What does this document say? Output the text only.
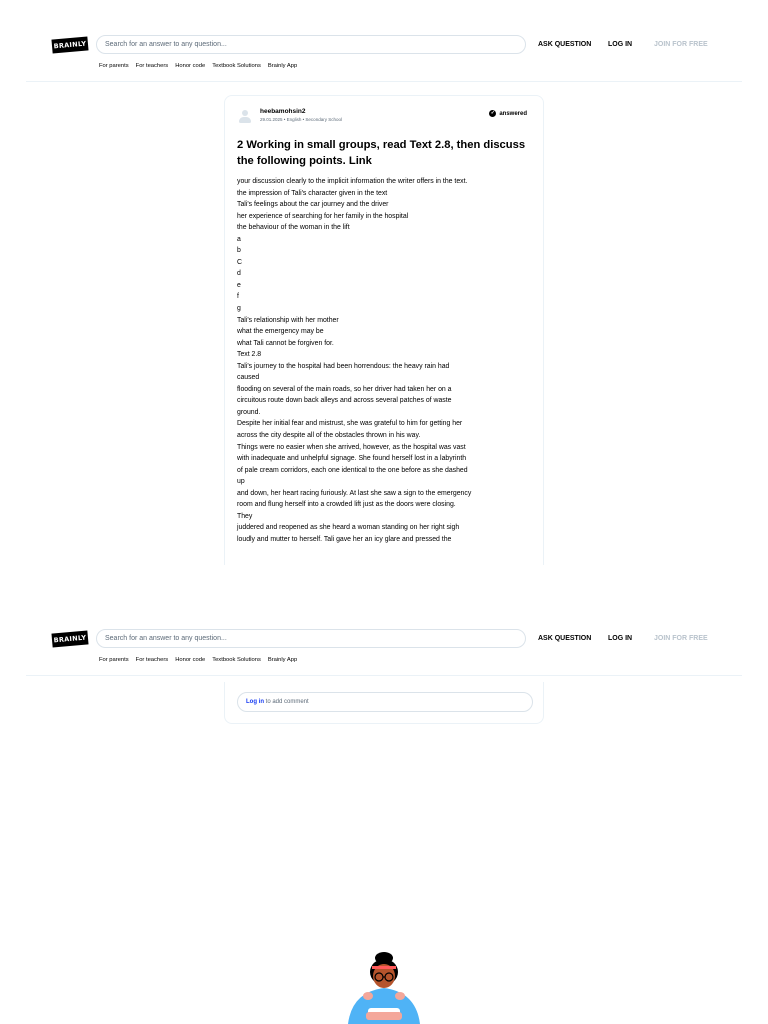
BRAINLY	Search for an answer to any question...	ASK QUESTION LOG IN	JOIN FOR FREE
For parents For teachers Honor code Textbook Solutions Brainly App
heebamohsin2
29.01.2025 • English • Secondary School
✓ answered
2 Working in small groups, read Text 2.8, then discuss the following points. Link
your discussion clearly to the implicit information the writer offers in the text.
the impression of Tali's character given in the text
Tali's feelings about the car journey and the driver
her experience of searching for her family in the hospital
the behaviour of the woman in the lift
a
b
C
d
e
f
g
Tali's relationship with her mother
what the emergency may be
what Tali cannot be forgiven for.
Text 2.8
Tali's journey to the hospital had been horrendous: the heavy rain had
caused
flooding on several of the main roads, so her driver had taken her on a
circuitous route down back alleys and across several patches of waste
ground.
Despite her initial fear and mistrust, she was grateful to him for getting her
across the city despite all of the obstacles thrown in his way.
Things were no easier when she arrived, however, as the hospital was vast
with inadequate and unhelpful signage. She found herself lost in a labyrinth
of pale cream corridors, each one identical to the one before as she dashed
up
and down, her heart racing furiously. At last she saw a sign to the emergency
room and flung herself into a crowded lift just as the doors were closing.
They
juddered and reopened as she heard a woman standing on her right sigh
loudly and mutter to herself. Tali gave her an icy glare and pressed the
BRAINLY	Search for an answer to any question...	ASK QUESTION LOG IN	JOIN FOR FREE
For parents For teachers Honor code Textbook Solutions Brainly App
Log in to add comment
